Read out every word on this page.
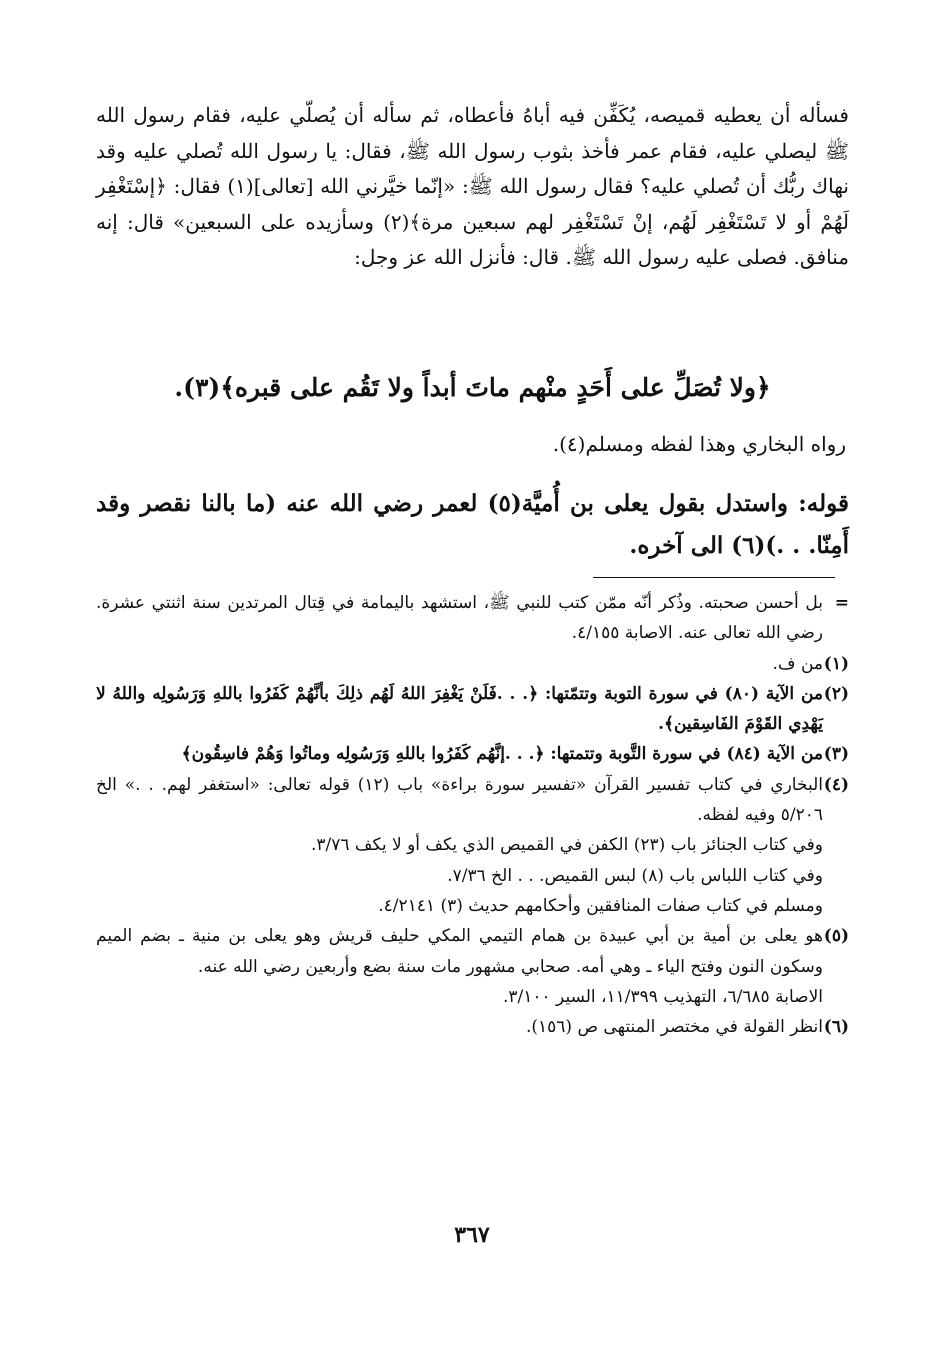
فسأله أن يعطيه قميصه، يُكَفِّن فيه أباهُ فأعطاه، ثم سأله أن يُصلّي عليه، فقام رسول الله ﷺ ليصلي عليه، فقام عمر فأخذ بثوب رسول الله ﷺ، فقال: يا رسول الله تُصلي عليه وقد نهاك ربُّك أن تُصلي عليه؟ فقال رسول الله ﷺ: «إنّما خيَّرني الله [تعالى](١) فقال: ﴿إسْتَغْفِر لَهُمْ أو لا تَسْتَغْفِر لَهُم، إنْ تَسْتَغْفِر لهم سبعين مرة﴾(٢) وسأزيده على السبعين» قال: إنه منافق. فصلى عليه رسول الله ﷺ. قال: فأنزل الله عز وجل:

﴿ولا تُصَلِّ على أَحَدٍ منْهم ماتَ أبداً ولا تَقُم على قبره﴾(٣).
رواه البخاري وهذا لفظه ومسلم(٤).
قوله: واستدل بقول يعلى بن أُميَّة(٥) لعمر رضي الله عنه (ما بالنا نقصر وقد أَمِنّا. . .)(٦) الى آخره.
=
بل أحسن صحبته. وذُكر أنّه ممّن كتب للنبي ﷺ، استشهد باليمامة في قِتال المرتدين سنة اثنتي عشرة. رضي الله تعالى عنه. الاصابة ٤/١٥٥.
(١)
من ف.
(٢)
من الآية (٨٠) في سورة التوبة وتتمّتها: ﴿. . .فَلَنْ يَغْفِرَ اللهُ لَهُم ذلِكَ بأنَّهُمْ كَفَرُوا باللهِ وَرَسُولِه واللهُ لا يَهْدِي القَوْمَ الفَاسِقين﴾.
(٣)
من الآية (٨٤) في سورة التَّوبة وتتمتها: ﴿. . .إنَّهُم كَفَرُوا باللهِ وَرَسُولِه وماتُوا وَهُمْ فاسِقُون﴾
(٤)
البخاري في كتاب تفسير القرآن «تفسير سورة براءة» باب (١٢) قوله تعالى: «استغفر لهم. . .» الخ ٥/٢٠٦ وفيه لفظه.
وفي كتاب الجنائز باب (٢٣) الكفن في القميص الذي يكف أو لا يكف ٣/٧٦.
وفي كتاب اللباس باب (٨) لبس القميص. . . الخ ٧/٣٦.
ومسلم في كتاب صفات المنافقين وأحكامهم حديث (٣) ٤/٢١٤١.
(٥)
هو يعلى بن أمية بن أبي عبيدة بن همام التيمي المكي حليف قريش وهو يعلى بن منية ـ بضم الميم وسكون النون وفتح الياء ـ وهي أمه. صحابي مشهور مات سنة بضع وأربعين رضي الله عنه.
الاصابة ٦/٦٨٥، التهذيب ١١/٣٩٩، السير ٣/١٠٠.
(٦)
انظر القولة في مختصر المنتهى ص (١٥٦).
٣٦٧
